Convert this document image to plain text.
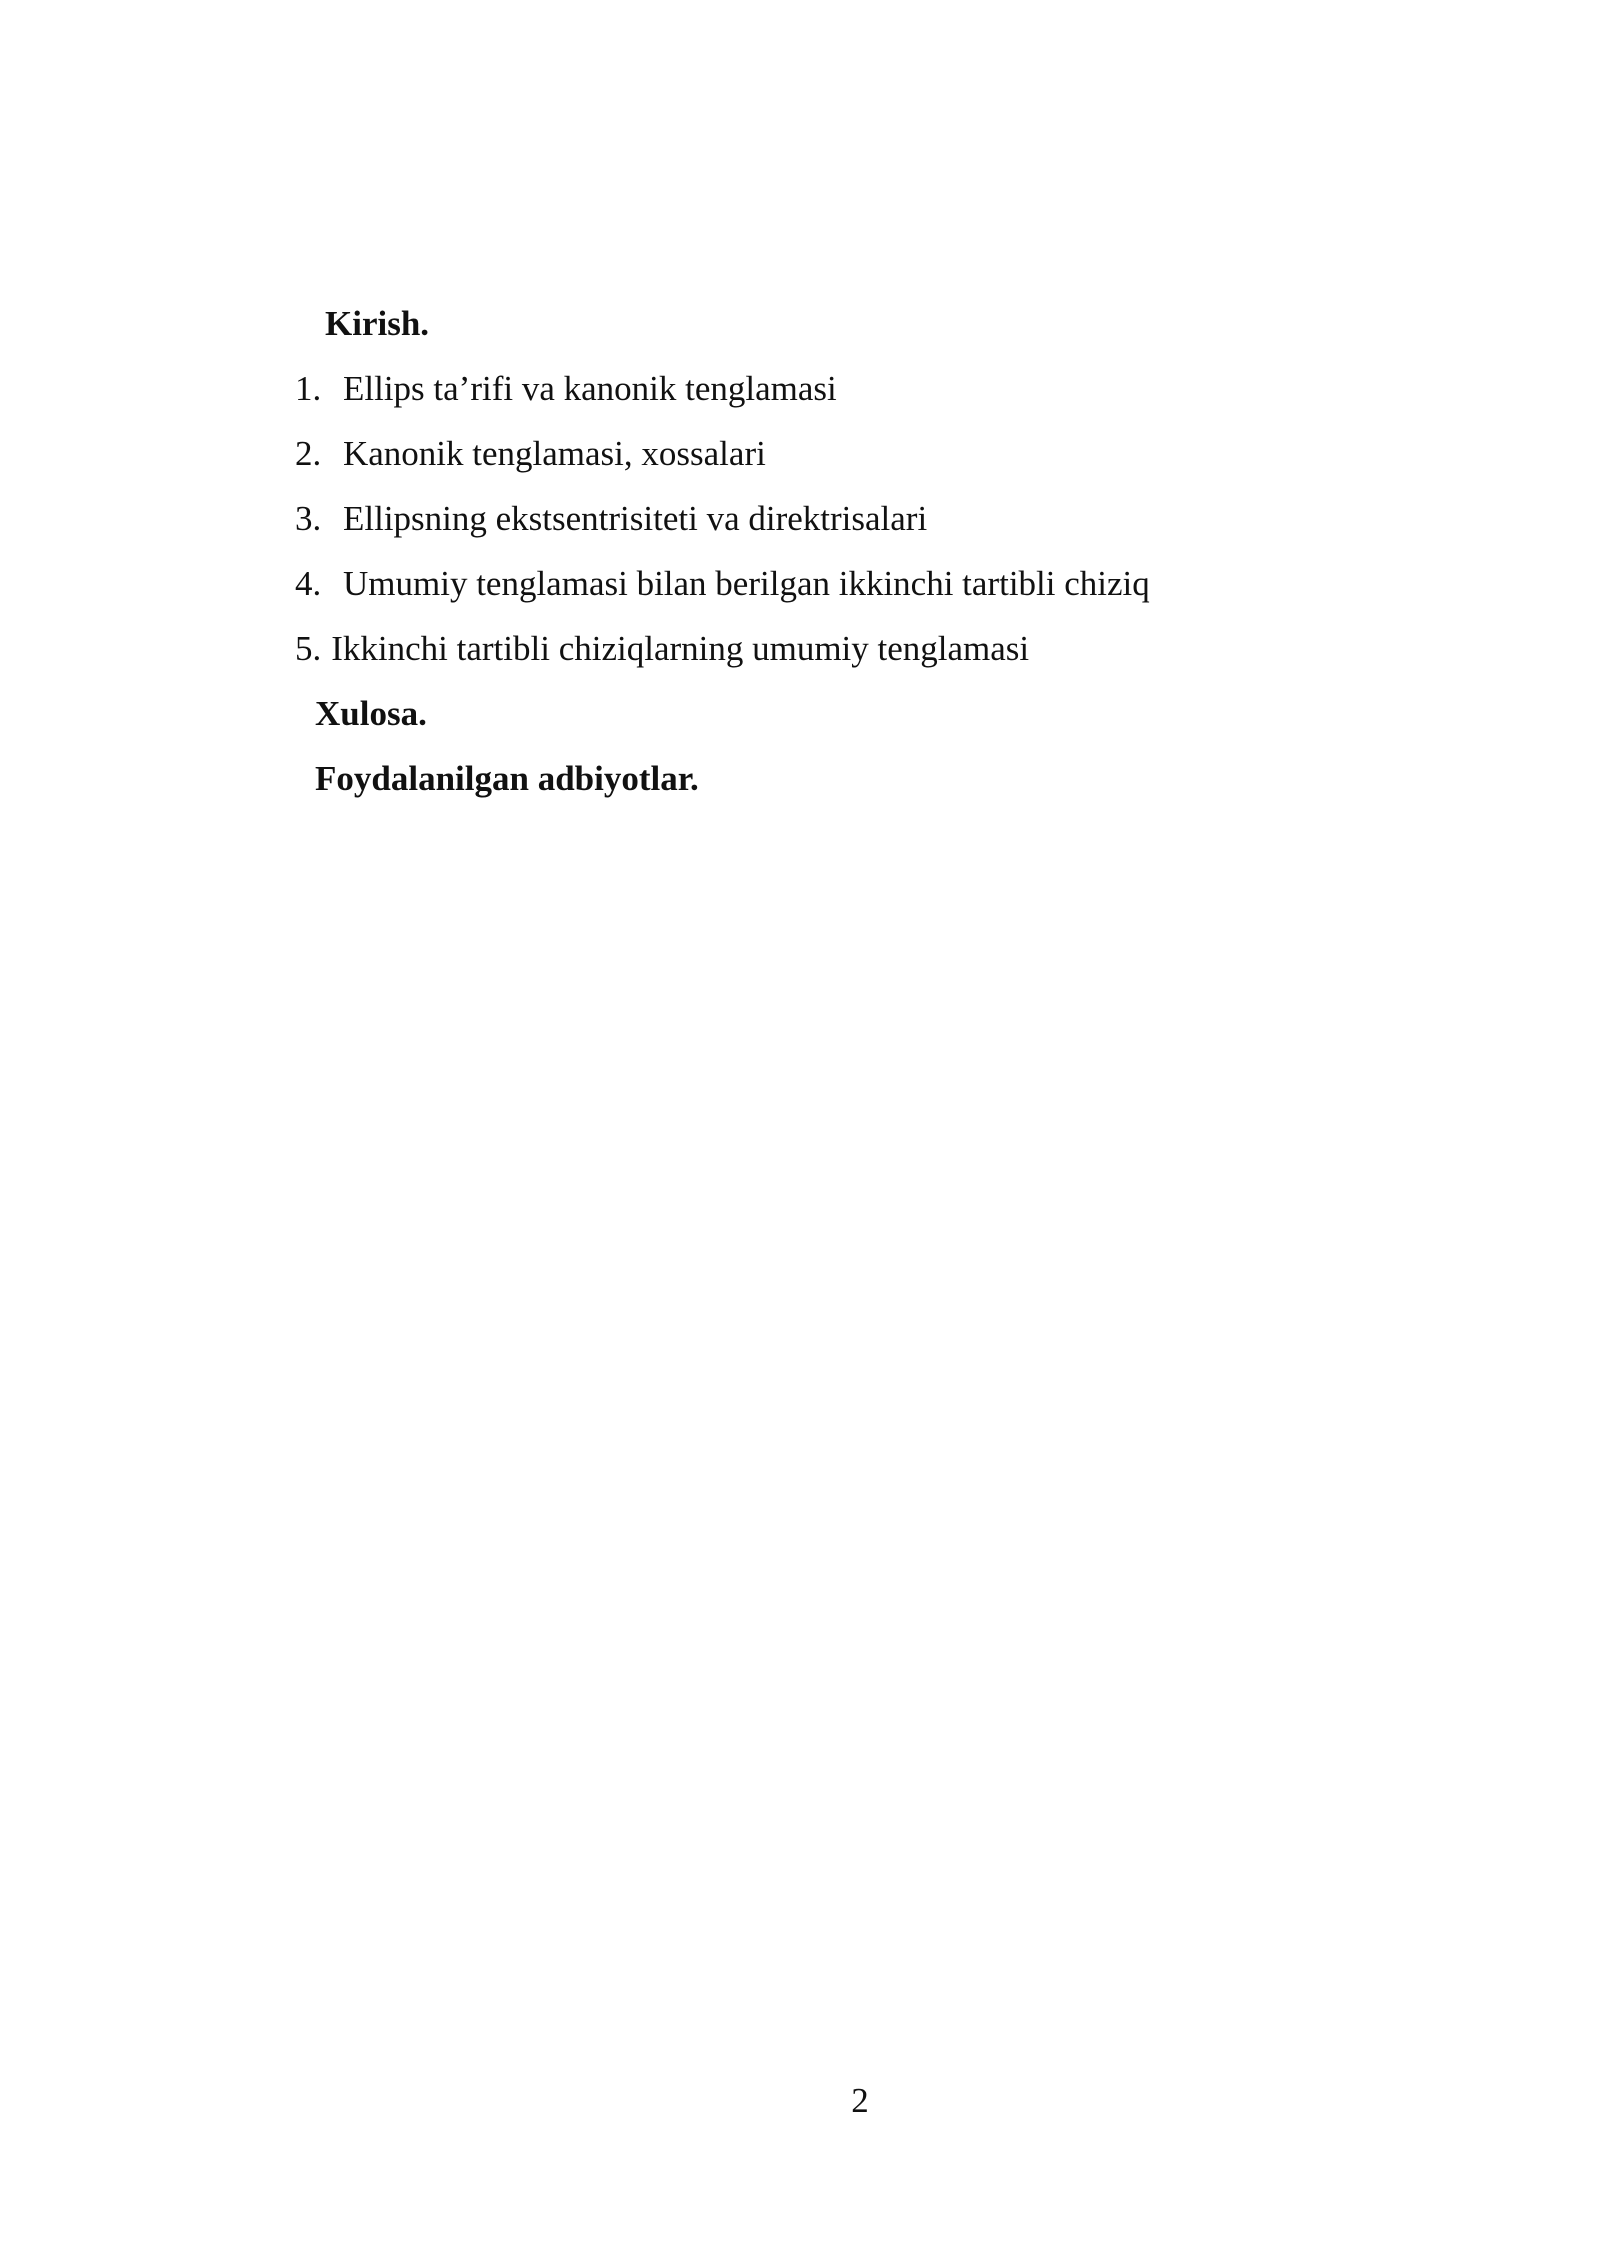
Kirish.
1. Ellips ta’rifi va kanonik tenglamasi
2. Kanonik tenglamasi, xossalari
3. Ellipsning ekstsentrisiteti va direktrisalari
4. Umumiy tenglamasi bilan berilgan ikkinchi tartibli chiziq
5. Ikkinchi tartibli chiziqlarning umumiy tenglamasi
Xulosa.
Foydalanilgan adbiyotlar.
2
